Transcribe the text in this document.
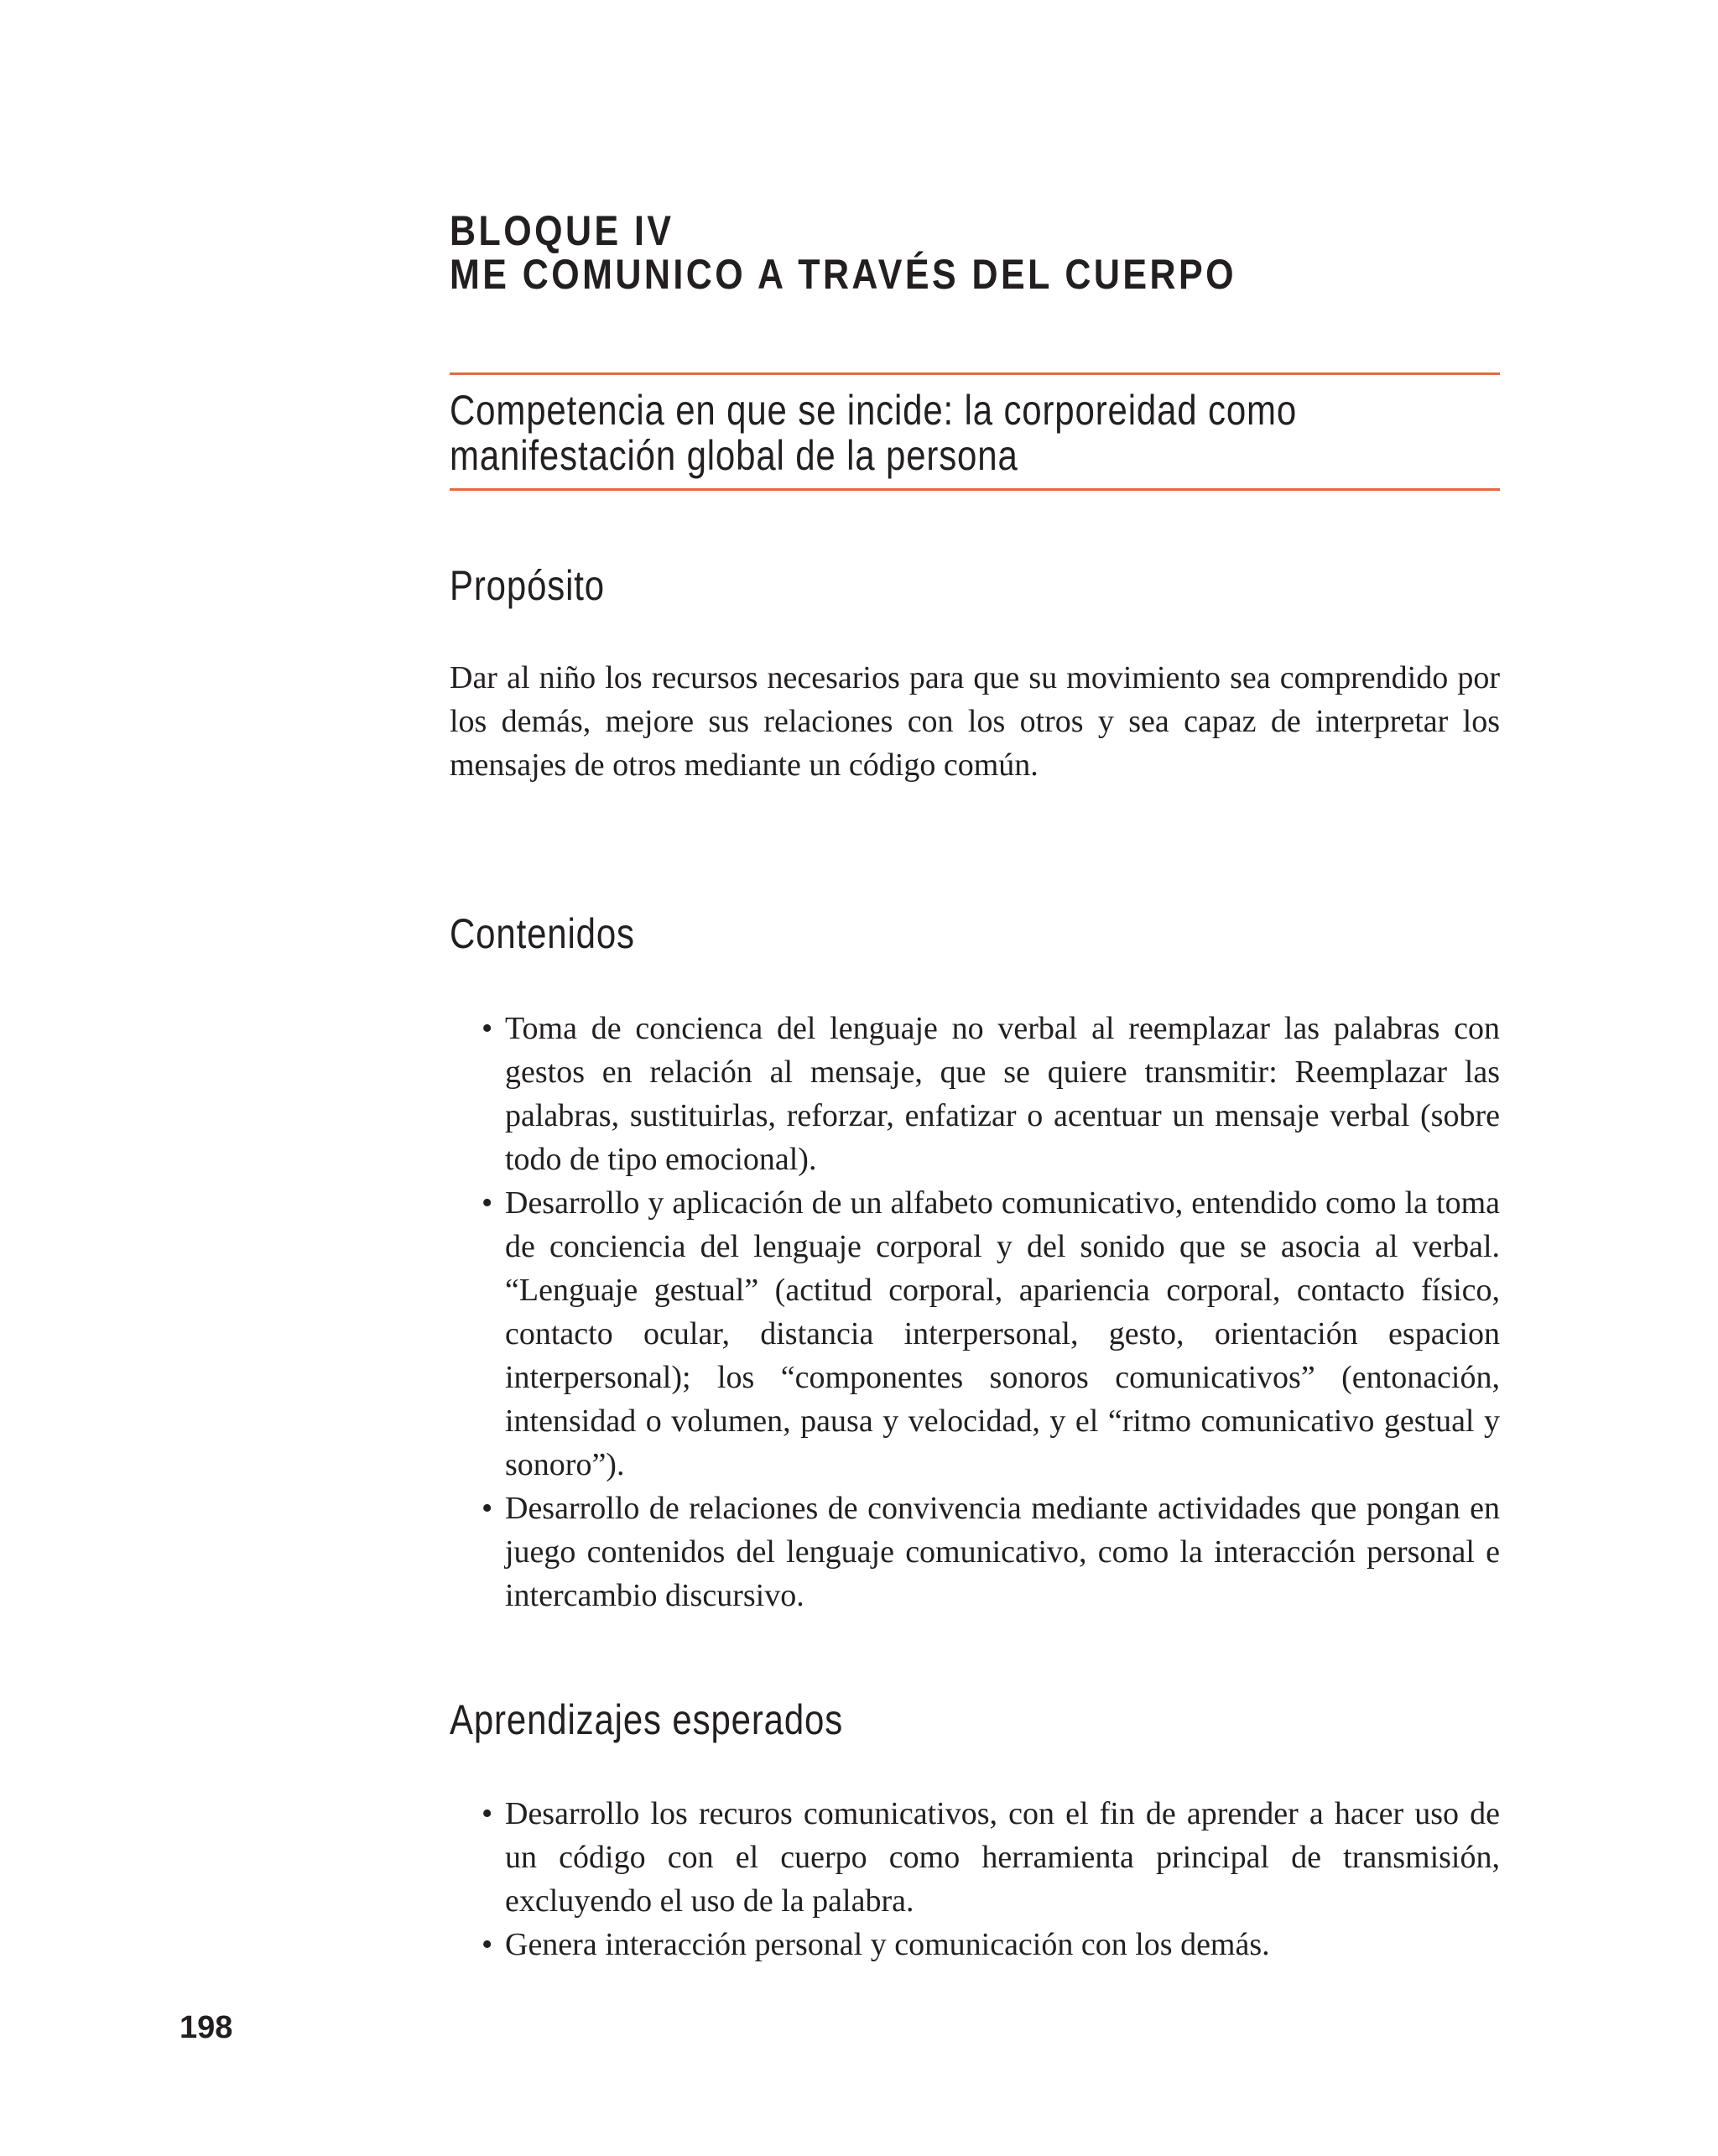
BLOQUE IV
ME COMUNICO A TRAVÉS DEL CUERPO

Competencia en que se incide: la corporeidad como manifestación global de la persona

Propósito

Dar al niño los recursos necesarios para que su movimiento sea comprendido por los demás, mejore sus relaciones con los otros y sea capaz de interpretar los mensajes de otros mediante un código común.

Contenidos
• Toma de concienca del lenguaje no verbal al reemplazar las palabras con gestos en relación al mensaje, que se quiere transmitir: Reemplazar las palabras, sustituirlas, reforzar, enfatizar o acentuar un mensaje verbal (sobre todo de tipo emocional).
• Desarrollo y aplicación de un alfabeto comunicativo, entendido como la toma de conciencia del lenguaje corporal y del sonido que se asocia al verbal. “Lenguaje gestual” (actitud corporal, apariencia corporal, contacto físico, contacto ocular, distancia interpersonal, gesto, orientación espacion interpersonal); los “componentes sonoros comunicativos” (entonación, intensidad o volumen, pausa y velocidad, y el “ritmo comunicativo gestual y sonoro”).
• Desarrollo de relaciones de convivencia mediante actividades que pongan en juego contenidos del lenguaje comunicativo, como la interacción personal e intercambio discursivo.
Aprendizajes esperados
• Desarrollo los recuros comunicativos, con el fin de aprender a hacer uso de un código con el cuerpo como herramienta principal de transmisión, excluyendo el uso de la palabra.
• Genera interacción personal y comunicación con los demás.

198
